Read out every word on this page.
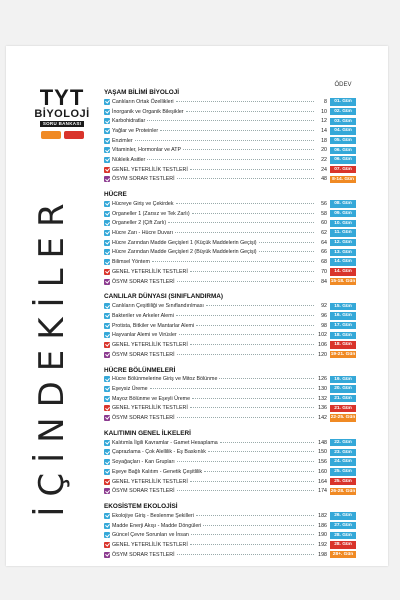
TYT
BİYOLOJİ
SORU BANKASI
İÇİNDEKİLER
ÖDEV
YAŞAM BİLİMİ BİYOLOJİ
Canlıların Ortak Özellikleri	8	01. Gün
İnorganik ve Organik Bileşikler	10	02. Gün
Karbohidratlar	12	03. Gün
Yağlar ve Proteinler	14	04. Gün
Enzimler	18	05. Gün
Vitaminler, Hormonlar ve ATP	20	06. Gün
Nükleik Asitler	22	06. Gün
GENEL YETERLİLİK TESTLERİ	24	07. Gün
ÖSYM SORAR TESTLERİ	48	8-14. Gün
HÜCRE
Hücreye Giriş ve Çekirdek	56	08. Gün
Organeller 1 (Zarsız ve Tek Zarlı)	58	09. Gün
Organeller 2 (Çift Zarlı)	60	10. Gün
Hücre Zarı - Hücre Duvarı	62	11. Gün
Hücre Zarından Madde Geçişleri 1 (Küçük Maddelerin Geçişi)	64	12. Gün
Hücre Zarından Madde Geçişleri 2 (Büyük Maddelerin Geçişi)	66	13. Gün
Bilimsel Yöntem	68	14. Gün
GENEL YETERLİLİK TESTLERİ	70	14. Gün
ÖSYM SORAR TESTLERİ	84 15-18. Gün
CANLILAR DÜNYASI (SINIFLANDIRMA)
Canlıların Çeşitliliği ve Sınıflandırılması	92	15. Gün
Bakteriler ve Arkeler Alemi	96	16. Gün
Protista, Bitkiler ve Mantarlar Alemi	98	17. Gün
Hayvanlar Alemi ve Virüsler	102	18. Gün
GENEL YETERLİLİK TESTLERİ	106	18. Gün
ÖSYM SORAR TESTLERİ	120 19-21. Gün
HÜCRE BÖLÜNMELERİ
Hücre Bölünmelerine Giriş ve Mitoz Bölünme	126	19. Gün
Eşeysiz Üreme	130	20. Gün
Mayoz Bölünme ve Eşeyli Üreme	132	21. Gün
GENEL YETERLİLİK TESTLERİ	136	21. Gün
ÖSYM SORAR TESTLERİ	142 22-25. Gün
KALITIMIN GENEL İLKELERİ
Kalıtımla İlgili Kavramlar - Gamet Hesaplama	148	22. Gün
Çaprazlama - Çok Alellilik - Eş Baskınlık	150	23. Gün
Soyağaçları - Kan Grupları	156	24. Gün
Eşeye Bağlı Kalıtım - Genetik Çeşitlilik	160	25. Gün
GENEL YETERLİLİK TESTLERİ	164	25. Gün
ÖSYM SORAR TESTLERİ	174 26-28. Gün
EKOSİSTEM EKOLOJİSİ
Ekolojiye Giriş - Beslenme Şekilleri	182	26. Gün
Madde Enerji Akışı - Madde Döngüleri	186	27. Gün
Güncel Çevre Sorunları ve İnsan	190	28. Gün
GENEL YETERLİLİK TESTLERİ	192	28. Gün
ÖSYM SORAR TESTLERİ	198	28+. Gün
